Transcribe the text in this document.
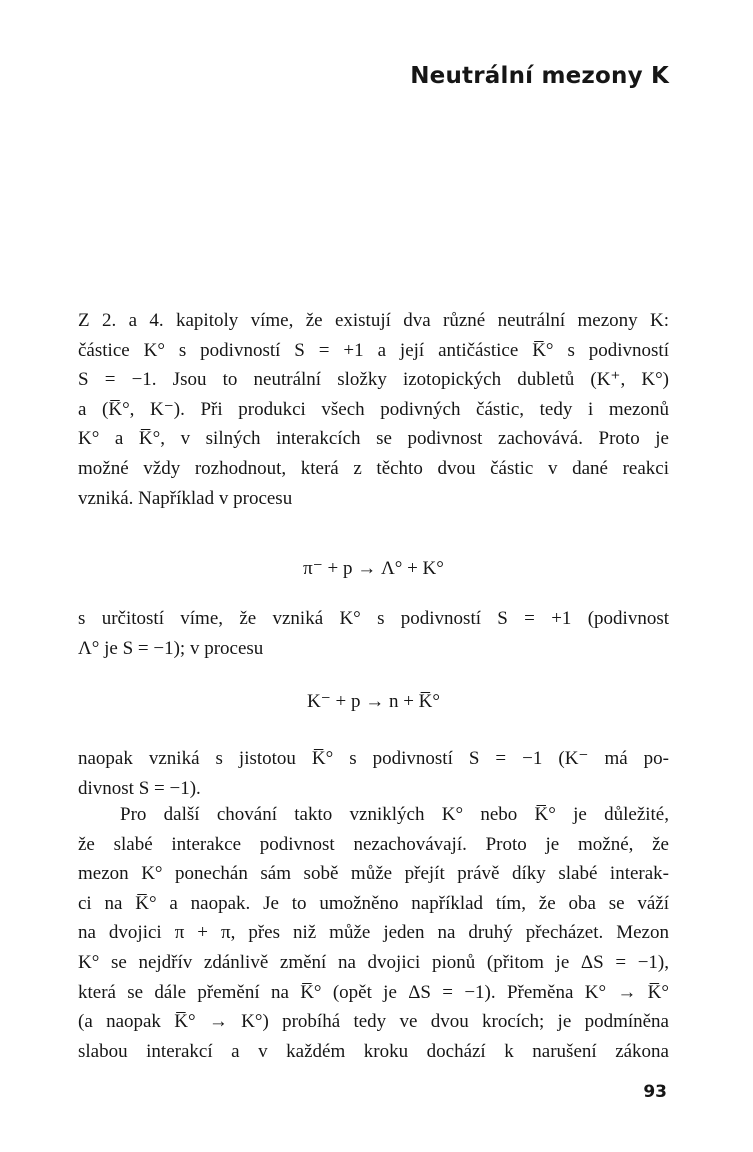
Neutrální mezony K
Z 2. a 4. kapitoly víme, že existují dva různé neutrální mezony K:
částice K° s podivností S = +1 a její antičástice K̅° s podivností
S = −1. Jsou to neutrální složky izotopických dubletů (K⁺, K°)
a (K̅°, K⁻). Při produkci všech podivných částic, tedy i mezonů
K° a K̅°, v silných interakcích se podivnost zachovává. Proto je
možné vždy rozhodnout, která z těchto dvou částic v dané reakci
vzniká. Například v procesu
π⁻ + p → Λ° + K°
s určitostí víme, že vzniká K° s podivností S = +1 (podivnost
Λ° je S = −1); v procesu
K⁻ + p → n + K̅°
naopak vzniká s jistotou K̅° s podivností S = −1 (K⁻ má po-
divnost S = −1).
Pro další chování takto vzniklých K° nebo K̅° je důležité,
že slabé interakce podivnost nezachovávají. Proto je možné, že
mezon K° ponechán sám sobě může přejít právě díky slabé interak-
ci na K̅° a naopak. Je to umožněno například tím, že oba se váží
na dvojici π + π, přes niž může jeden na druhý přecházet. Mezon
K° se nejdřív zdánlivě změní na dvojici pionů (přitom je ΔS = −1),
která se dále přemění na K̅° (opět je ΔS = −1). Přeměna K° → K̅°
(a naopak K̅° → K°) probíhá tedy ve dvou krocích; je podmíněna
slabou interakcí a v každém kroku dochází k narušení zákona
93
